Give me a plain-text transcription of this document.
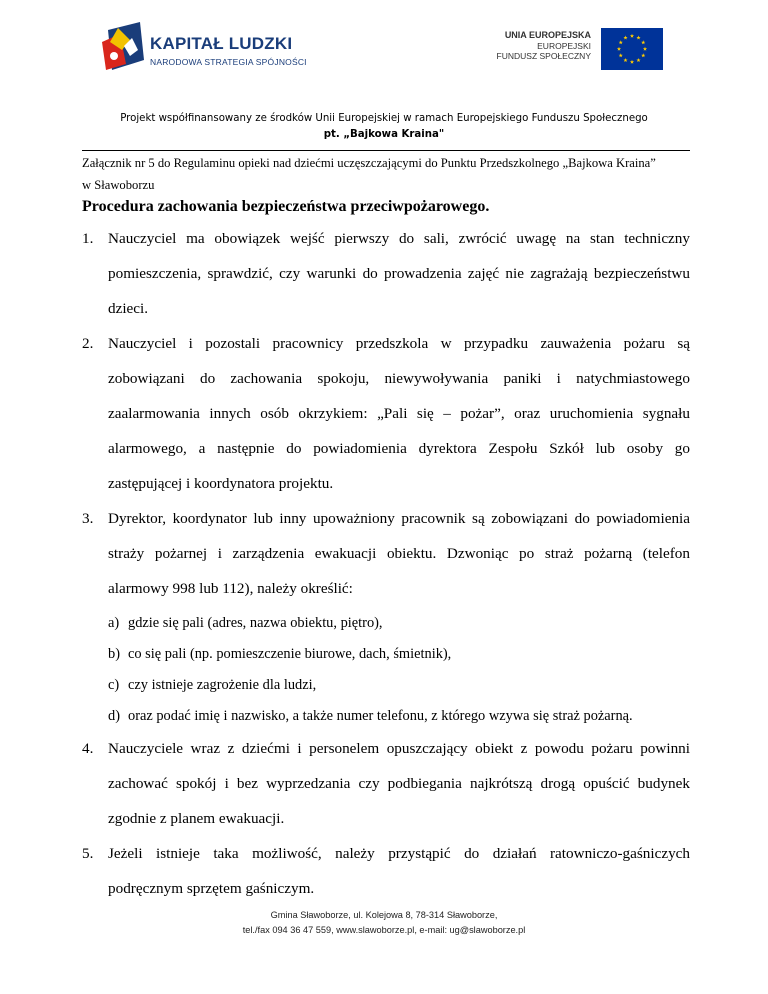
KAPITAŁ LUDZKI
NARODOWA STRATEGIA SPÓJNOŚCI
UNIA EUROPEJSKA
EUROPEJSKI
FUNDUSZ SPOŁECZNY
Projekt współfinansowany ze środków Unii Europejskiej w ramach Europejskiego Funduszu Społecznego
pt. „Bajkowa Kraina"
Załącznik nr 5 do Regulaminu opieki nad dziećmi uczęszczającymi do Punktu Przedszkolnego „Bajkowa Kraina”
w Sławoborzu
Procedura zachowania bezpieczeństwa przeciwpożarowego.
1. Nauczyciel ma obowiązek wejść pierwszy do sali, zwrócić uwagę na stan techniczny
pomieszczenia, sprawdzić, czy warunki do prowadzenia zajęć nie zagrażają bezpieczeństwu
dzieci.
2. Nauczyciel i pozostali pracownicy przedszkola w przypadku zauważenia pożaru są
zobowiązani do zachowania spokoju, niewywoływania paniki i natychmiastowego
zaalarmowania innych osób okrzykiem: „Pali się – pożar”, oraz uruchomienia sygnału
alarmowego, a następnie do powiadomienia dyrektora Zespołu Szkół lub osoby go
zastępującej i koordynatora projektu.
3. Dyrektor, koordynator lub inny upoważniony pracownik są zobowiązani do powiadomienia
straży pożarnej i zarządzenia ewakuacji obiektu. Dzwoniąc po straż pożarną (telefon
alarmowy 998 lub 112), należy określić:
a) gdzie się pali (adres, nazwa obiektu, piętro),
b) co się pali (np. pomieszczenie biurowe, dach, śmietnik),
c) czy istnieje zagrożenie dla ludzi,
d) oraz podać imię i nazwisko, a także numer telefonu, z którego wzywa się straż pożarną.
4. Nauczyciele wraz z dziećmi i personelem opuszczający obiekt z powodu pożaru powinni
zachować spokój i bez wyprzedzania czy podbiegania najkrótszą drogą opuścić budynek
zgodnie z planem ewakuacji.
5. Jeżeli istnieje taka możliwość, należy przystąpić do działań ratowniczo-gaśniczych
podręcznym sprzętem gaśniczym.
Gmina Sławoborze, ul. Kolejowa 8, 78-314 Sławoborze,
tel./fax 094 36 47 559, www.slawoborze.pl, e-mail: ug@slawoborze.pl
